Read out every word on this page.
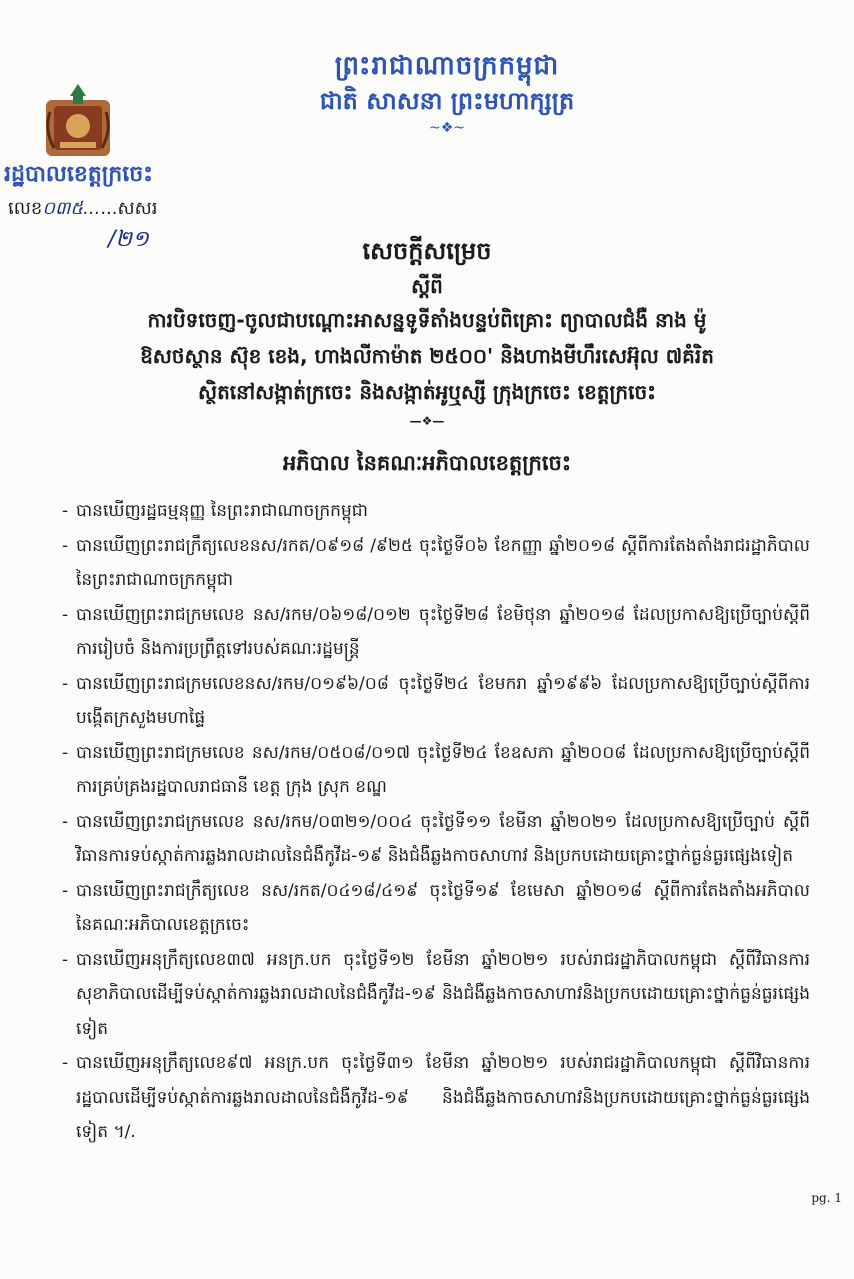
ព្រះរាជាណាចក្រកម្ពុជា
ជាតិ សាសនា ព្រះមហាក្សត្រ
~❖~
រដ្ឋបាលខេត្តក្រចេះ
លេខ០៣៥......សសរ
/២១	សេចក្ដីសម្រេច
ស្ដីពី
ការបិទចេញ-ចូលជាបណ្ដោះអាសន្នទូទីតាំងបន្ទប់ពិគ្រោះ ព្យាបាលជំងឺ នាង ម៉ូ
ឱសថស្ថាន ស៊ុខ ខេង, ហាងលីកាម៉ាត ២៥០០' និងហាងមីហឹរសេអ៊ុល ៧គំរិត
ស្ថិតនៅសង្កាត់ក្រចេះ និងសង្កាត់អូឬស្សី ក្រុងក្រចេះ ខេត្តក្រចេះ
—❖—
អភិបាល នៃគណៈអភិបាលខេត្តក្រចេះ
- បានឃើញរដ្ឋធម្មនុញ្ញ នៃព្រះរាជាណាចក្រកម្ពុជា
- បានឃើញព្រះរាជក្រឹត្យលេខនស/រកត/០៩១៨ /៩២៥ ចុះថ្ងៃទី០៦ ខែកញ្ញា ឆ្នាំ២០១៨ ស្ដីពីការតែងតាំងរាជរដ្ឋាភិបាល នៃព្រះរាជាណាចក្រកម្ពុជា
- បានឃើញព្រះរាជក្រមលេខ នស/រកម/០៦១៨/០១២ ចុះថ្ងៃទី២៨ ខែមិថុនា ឆ្នាំ២០១៨ ដែលប្រកាសឱ្យប្រើច្បាប់ស្ដីពីការរៀបចំ និងការប្រព្រឹត្តទៅរបស់គណៈរដ្ឋមន្ត្រី
- បានឃើញព្រះរាជក្រមលេខនស/រកម/០១៩៦/០៨ ចុះថ្ងៃទី២៤ ខែមករា ឆ្នាំ១៩៩៦ ដែលប្រកាសឱ្យប្រើច្បាប់ស្ដីពីការបង្កើតក្រសួងមហាផ្ទៃ
- បានឃើញព្រះរាជក្រមលេខ នស/រកម/០៥០៨/០១៧ ចុះថ្ងៃទី២៤ ខែឧសភា ឆ្នាំ២០០៨ ដែលប្រកាសឱ្យប្រើច្បាប់ស្ដីពីការគ្រប់គ្រងរដ្ឋបាលរាជធានី ខេត្ត ក្រុង ស្រុក ខណ្ឌ
- បានឃើញព្រះរាជក្រមលេខ នស/រកម/០៣២១/០០៤ ចុះថ្ងៃទី១១ ខែមីនា ឆ្នាំ២០២១ ដែលប្រកាសឱ្យប្រើច្បាប់ ស្ដីពីវិធានការទប់ស្កាត់ការឆ្លងរាលដាលនៃជំងឺកូវីដ-១៩ និងជំងឺឆ្លងកាចសាហាវ និងប្រកបដោយគ្រោះថ្នាក់ធ្ងន់ធ្ងរផ្សេងទៀត
- បានឃើញព្រះរាជក្រឹត្យលេខ នស/រកត/០៤១៨/៤១៩ ចុះថ្ងៃទី១៩ ខែមេសា ឆ្នាំ២០១៨ ស្ដីពីការតែងតាំងអភិបាល នៃគណៈអភិបាលខេត្តក្រចេះ
- បានឃើញអនុក្រឹត្យលេខ៣៧ អនក្រ.បក ចុះថ្ងៃទី១២ ខែមីនា ឆ្នាំ២០២១ របស់រាជរដ្ឋាភិបាលកម្ពុជា ស្ដីពីវិធានការសុខាភិបាលដើម្បីទប់ស្កាត់ការឆ្លងរាលដាលនៃជំងឺកូវីដ-១៩ និងជំងឺឆ្លងកាចសាហាវនិងប្រកបដោយគ្រោះថ្នាក់ធ្ងន់ធ្ងរផ្សេងទៀត
- បានឃើញអនុក្រឹត្យលេខ៩៧ អនក្រ.បក ចុះថ្ងៃទី៣១ ខែមីនា ឆ្នាំ២០២១ របស់រាជរដ្ឋាភិបាលកម្ពុជា ស្ដីពីវិធានការរដ្ឋបាលដើម្បីទប់ស្កាត់ការឆ្លងរាលដាលនៃជំងឺកូវីដ-១៩ និងជំងឺឆ្លងកាចសាហាវនិងប្រកបដោយគ្រោះថ្នាក់ធ្ងន់ធ្ងរផ្សេងទៀត ។/.
pg. 1
